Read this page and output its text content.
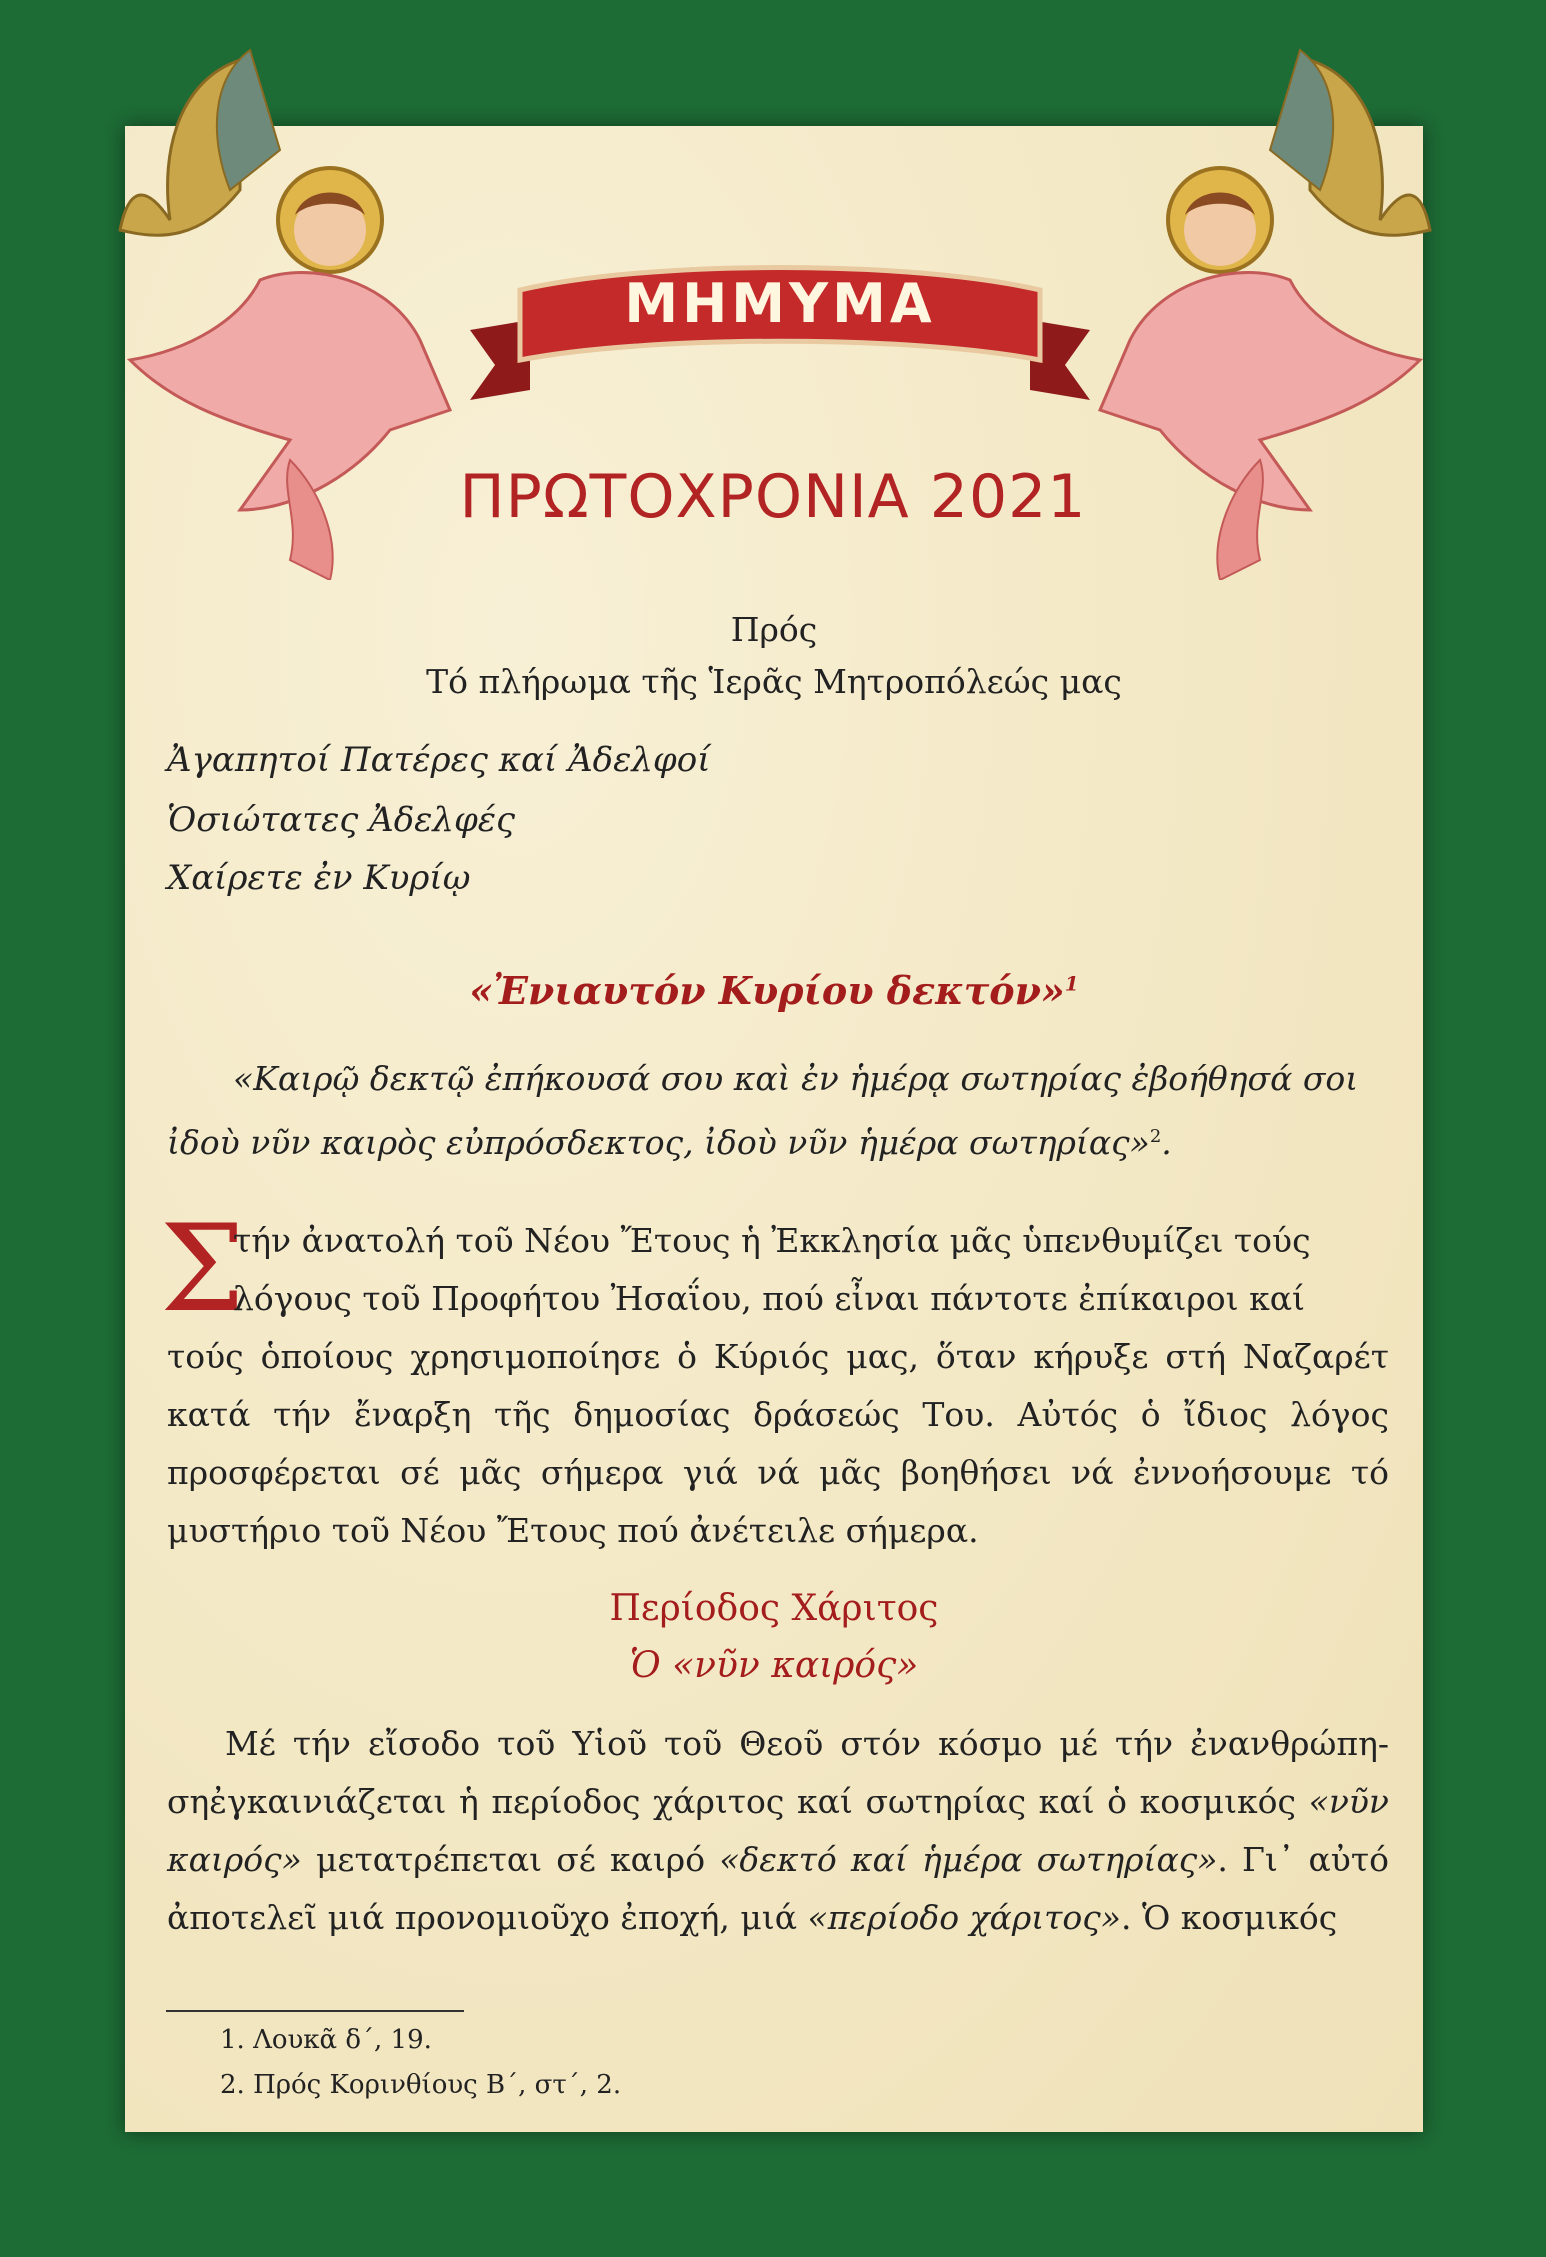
ΜΗΜΥΜΑ
ΠΡΩΤΟΧΡΟΝΙΑ 2021
Πρός
Τό πλήρωμα τῆς Ἱερᾶς Μητροπόλεώς μας
Ἀγαπητοί Πατέρες καί Ἀδελφοί
Ὁσιώτατες Ἀδελφές
Χαίρετε ἐν Κυρίῳ
«Ἐνιαυτόν Κυρίου δεκτόν»$^1$
«Καιρῷ δεκτῷ ἐπήκουσά σου καὶ ἐν ἡμέρᾳ σωτηρίας ἐβοήθησά σοι
ἰδοὺ νῦν καιρὸς εὐπρόσδεκτος, ἰδοὺ νῦν ἡμέρα σωτηρίας»$^2$.
Σ
τήν ἀνατολή τοῦ Νέου Ἔτους ἡ Ἐκκλησία μᾶς ὑπενθυμίζει τούς
λόγους τοῦ Προφήτου Ἠσαΐου, πού εἶναι πάντοτε ἐπίκαιροι καί
τούς ὁποίους χρησιμοποίησε ὁ Κύριός μας, ὅταν κήρυξε στή Ναζαρέτ κατά τήν ἔναρξη τῆς δημοσίας δράσεώς Του. Αὐτός ὁ ἴδιος λόγος προσφέρεται σέ μᾶς σήμερα γιά νά μᾶς βοηθήσει νά ἐννοήσουμε τό μυστήριο τοῦ Νέου Ἔτους πού ἀνέτειλε σήμερα.
Περίοδος Χάριτος
Ὁ «νῦν καιρός»
Μέ τήν εἴσοδο τοῦ Υἱοῦ τοῦ Θεοῦ στόν κόσμο μέ τήν ἐνανθρώπη-σηἐγκαινιάζεται ἡ περίοδος χάριτος καί σωτηρίας καί ὁ κοσμικός «νῦν καιρός» μετατρέπεται σέ καιρό «δεκτό καί ἡμέρα σωτηρίας». Γι᾽ αὐτό ἀποτελεῖ μιά προνομιοῦχο ἐποχή, μιά «περίοδο χάριτος». Ὁ κοσμικός
1. Λουκᾶ δ΄, 19.
2. Πρός Κορινθίους Β΄, στ΄, 2.
